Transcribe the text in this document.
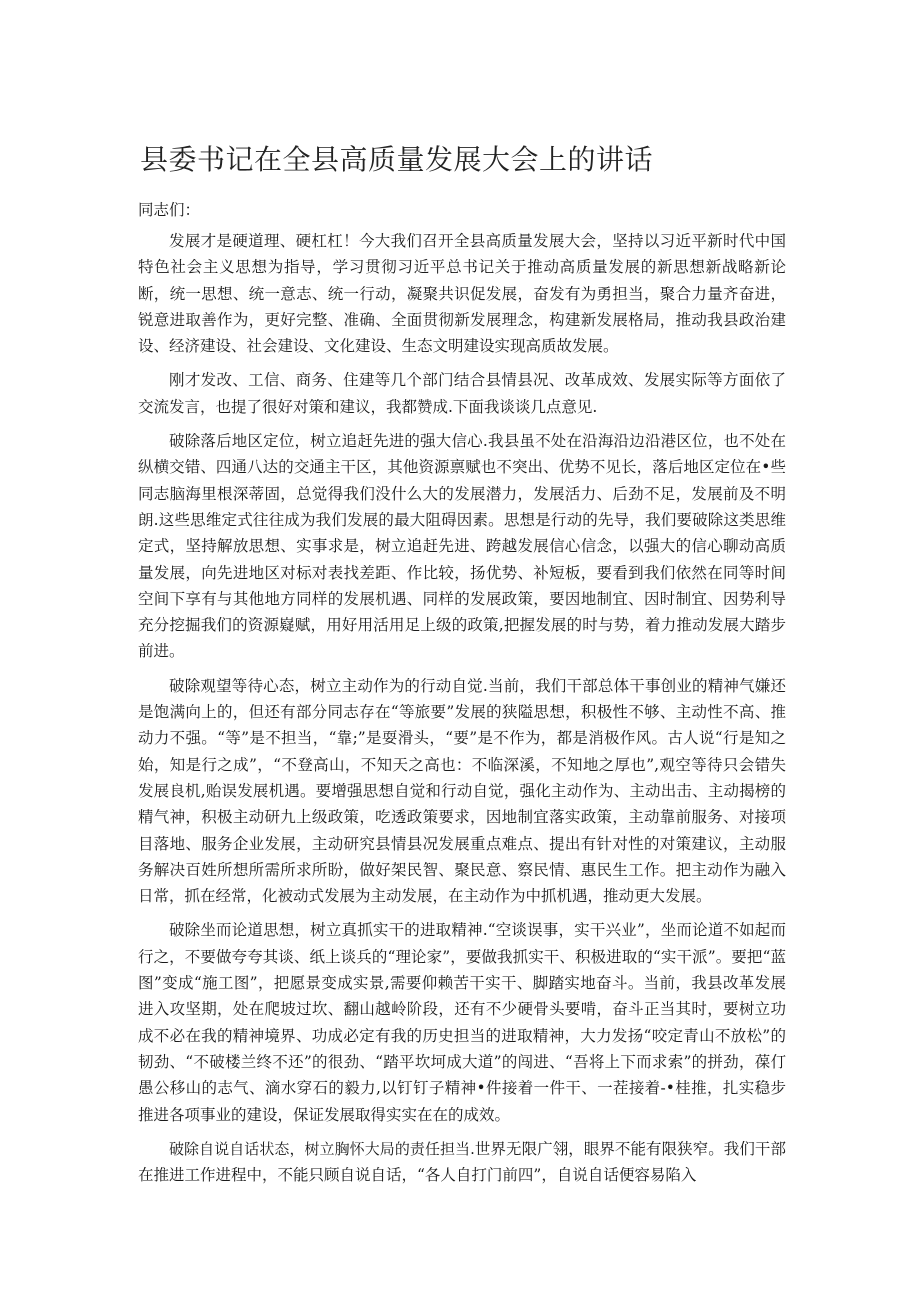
县委书记在全县高质量发展大会上的讲话

同志们：

发展才是硬道理、硬杠杠！今大我们召开全县高质量发展大会，坚持以习近平新时代中国特色社会主义思想为指导，学习贯彻习近平总书记关于推动高质量发展的新思想新战略新论断，统一思想、统一意志、统一行动，凝聚共识促发展，奋发有为勇担当，聚合力量齐奋进，锐意进取善作为，更好完整、准确、全面贯彻新发展理念，构建新发展格局，推动我县政治建设、经济建设、社会建设、文化建设、生态文明建设实现高质故发展。

刚才发改、工信、商务、住建等几个部门结合县情县况、改革成效、发展实际等方面依了交流发言，也提了很好对策和建议，我都赞成.下面我谈谈几点意见.

破除落后地区定位，树立追赶先进的强大信心.我县虽不处在沿海沿边沿港区位，也不处在纵横交错、四通八达的交通主干区，其他资源禀赋也不突出、优势不见长，落后地区定位在•些同志脑海里根深蒂固，总觉得我们没什么大的发展潜力，发展活力、后劲不足，发展前及不明朗.这些思维定式往往成为我们发展的最大阻碍因素。思想是行动的先导，我们要破除这类思维定式，坚持解放思想、实事求是，树立追赶先进、跨越发展信心信念，以强大的信心聊动高质量发展，向先进地区对标对表找差距、作比较，扬优势、补短板，要看到我们依然在同等时间空间下享有与其他地方同样的发展机遇、同样的发展政策，要因地制宜、因时制宜、因势利导充分挖掘我们的资源嶷赋，用好用活用足上级的政策,把握发展的时与势，着力推动发展大踏步前进。

破除观望等待心态，树立主动作为的行动自觉.当前，我们干部总体干事创业的精神气嫌还是饱满向上的，但还有部分同志存在“等旅要”发展的狭隘思想，积极性不够、主动性不高、推动力不强。“等”是不担当，“靠;”是耍滑头，“要”是不作为，都是消极作风。古人说“行是知之始，知是行之成”，“不登高山，不知天之高也：不临深溪，不知地之厚也”,观空等待只会错失发展良机,贻误发展机遇。要增强思想自觉和行动自觉，强化主动作为、主动出击、主动揭榜的精气神，积极主动研九上级政策，吃透政策要求，因地制宜落实政策，主动靠前服务、对接项目落地、服务企业发展，主动研究县情县况发展重点难点、提出有针对性的对策建议，主动服务解决百姓所想所需所求所盼，做好架民智、聚民意、察民情、惠民生工作。把主动作为融入日常，抓在经常，化被动式发展为主动发展，在主动作为中抓机遇，推动更大发展。

破除坐而论道思想，树立真抓实干的进取精神.“空谈误事，实干兴业”，坐而论道不如起而行之，不要做夸夸其谈、纸上谈兵的“理论家”，要做我抓实干、积极进取的“实干派”。要把“蓝图”变成“施工图”，把愿景变成实景,需要仰赖苦干实干、脚踏实地奋斗。当前，我县改革发展进入攻坚期，处在爬坡过坎、翻山越岭阶段，还有不少硬骨头要啃，奋斗正当其时，要树立功成不必在我的精神境界、功成必定有我的历史担当的进取精神，大力发扬“咬定青山不放松”的韧劲、“不破楼兰终不还”的很劲、“踏平坎坷成大道”的闯进、“吾将上下而求索”的拼劲，葆仃愚公移山的志气、滴水穿石的毅力,以钉钉子精神•件接着一件干、一茬接着-•桂推，扎实稳步推进各项事业的建设，保证发展取得实实在在的成效。

破除自说自话状态，树立胸怀大局的责任担当.世界无限广翎，眼界不能有限狭窄。我们干部在推进工作进程中，不能只顾自说自话，“各人自打门前四”，自说自话便容易陷入
